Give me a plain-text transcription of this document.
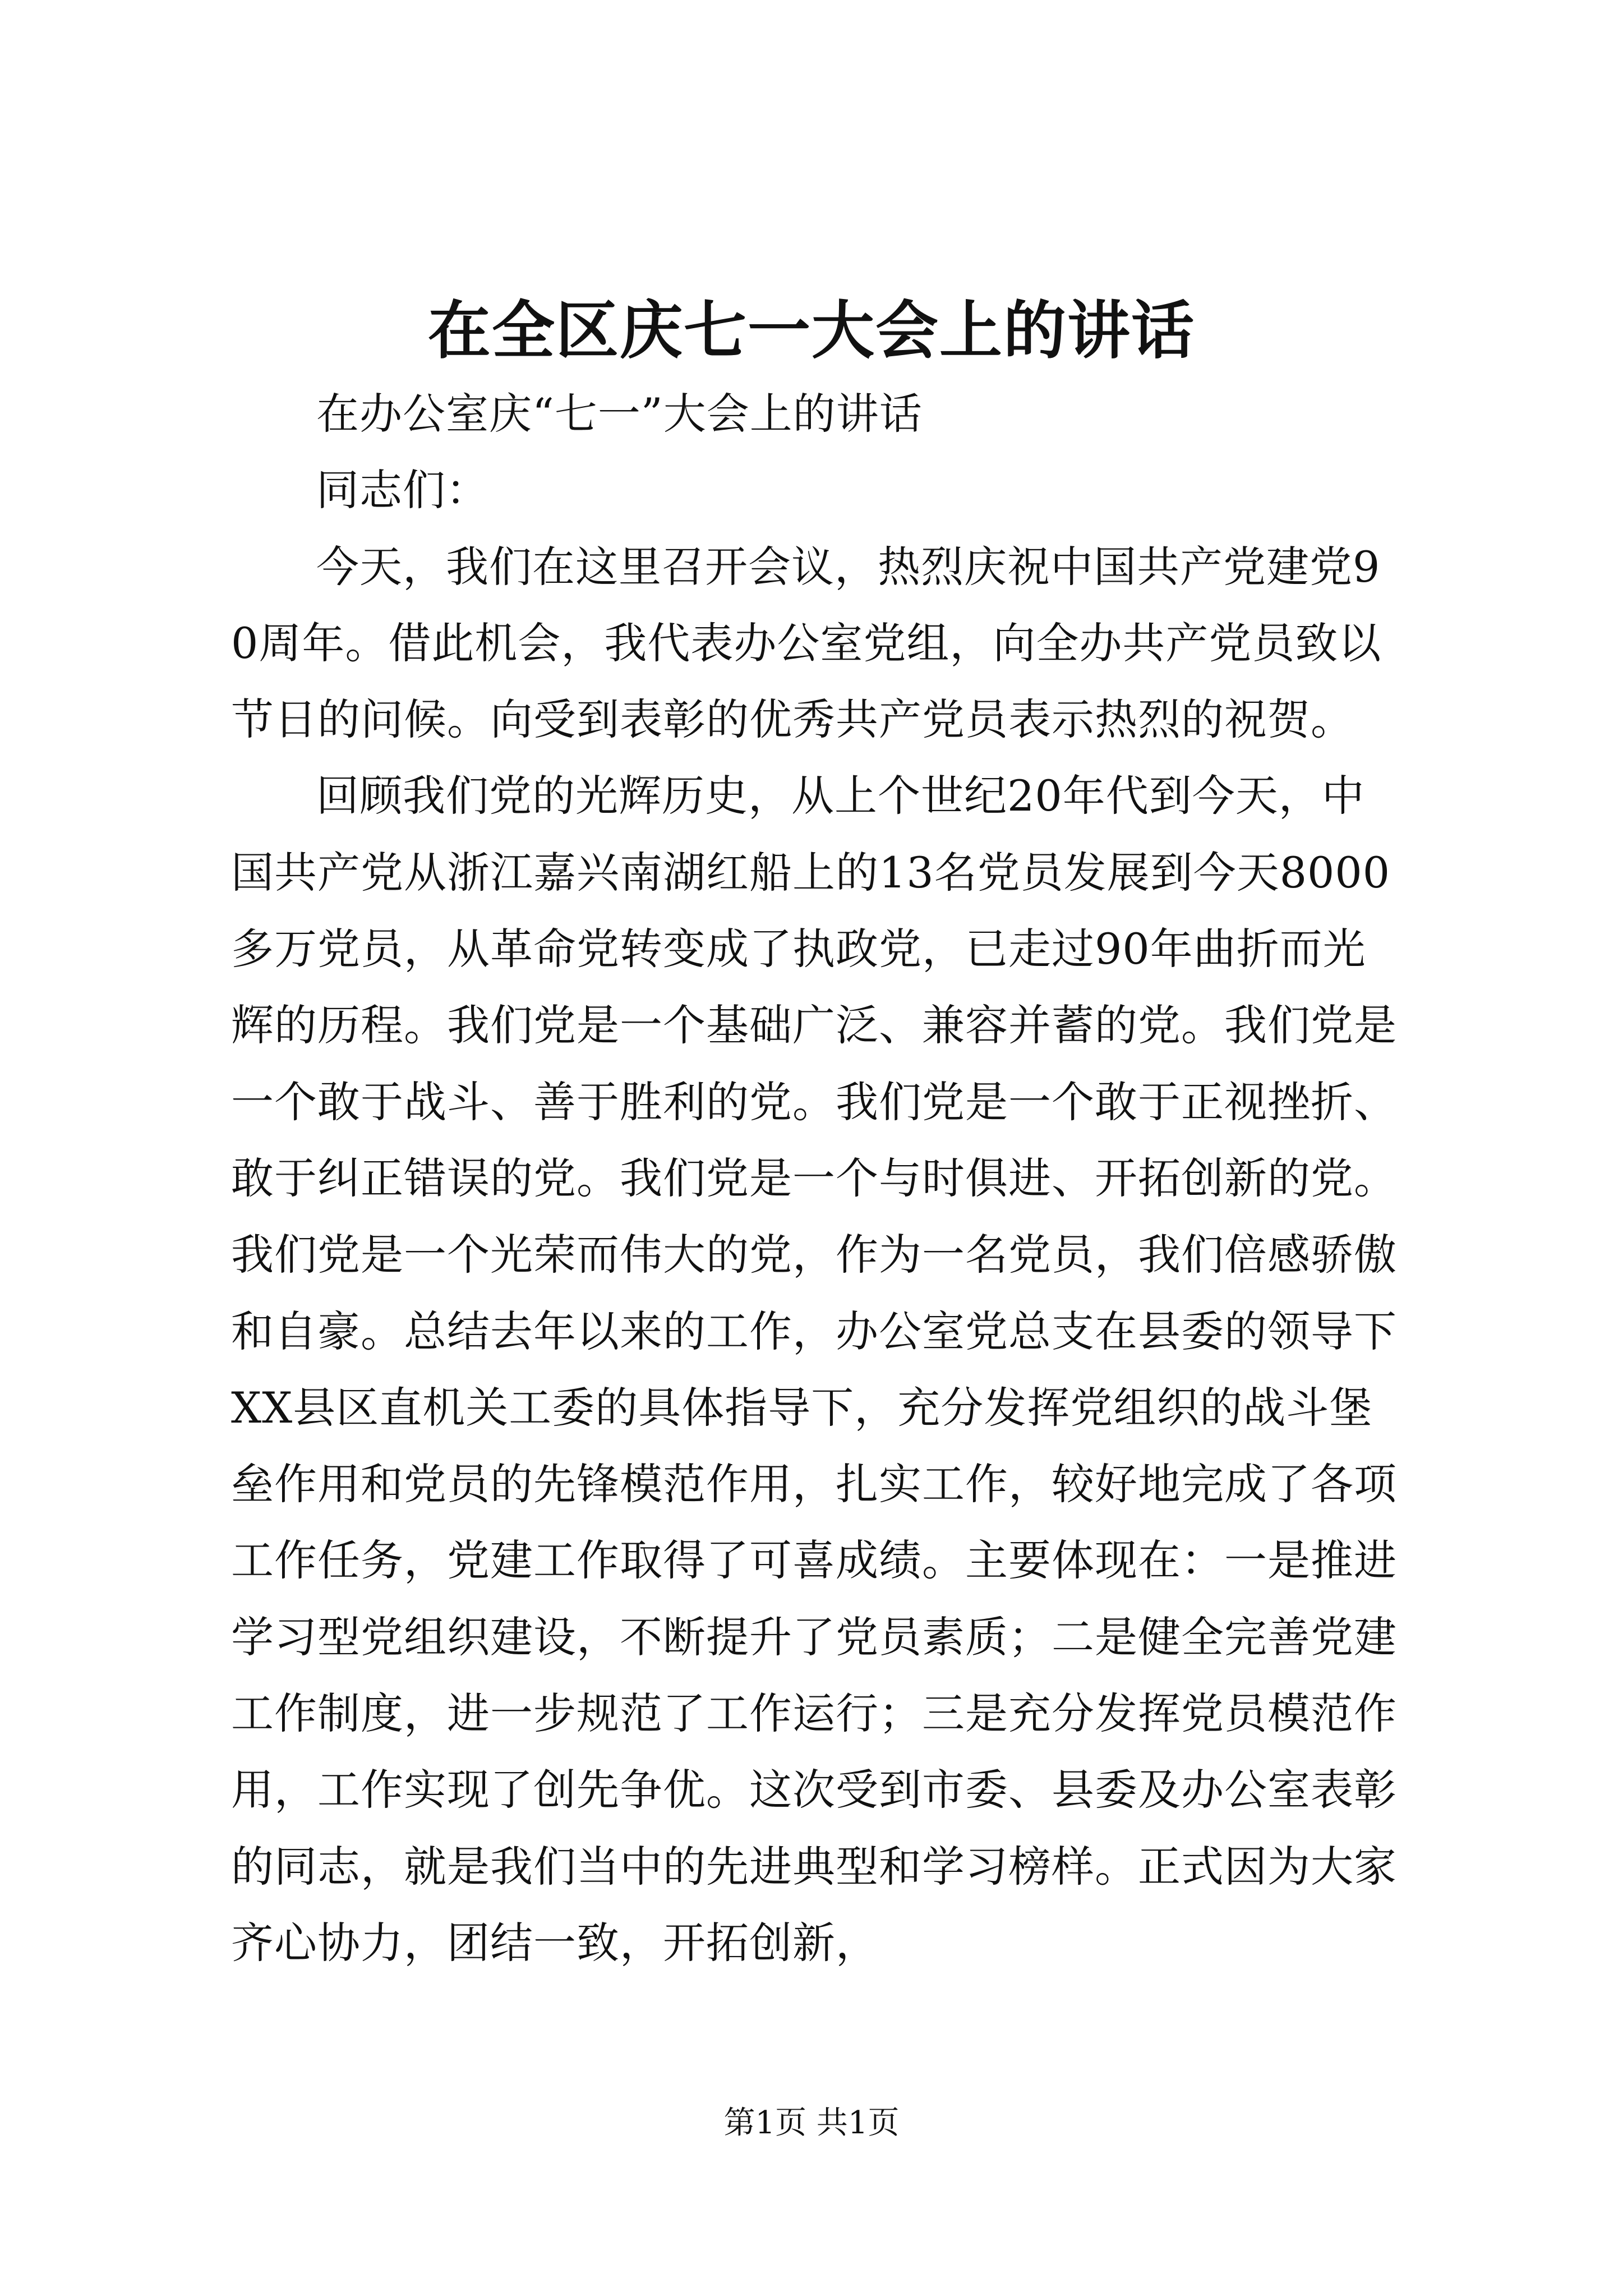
在全区庆七一大会上的讲话

在办公室庆“七一”大会上的讲话

同志们：

今天，我们在这里召开会议，热烈庆祝中国共产党建党90周年。借此机会，我代表办公室党组，向全办共产党员致以节日的问候。向受到表彰的优秀共产党员表示热烈的祝贺。

回顾我们党的光辉历史，从上个世纪20年代到今天，中国共产党从浙江嘉兴南湖红船上的13名党员发展到今天8000多万党员，从革命党转变成了执政党，已走过90年曲折而光辉的历程。我们党是一个基础广泛、兼容并蓄的党。我们党是一个敢于战斗、善于胜利的党。我们党是一个敢于正视挫折、敢于纠正错误的党。我们党是一个与时俱进、开拓创新的党。我们党是一个光荣而伟大的党，作为一名党员，我们倍感骄傲和自豪。总结去年以来的工作，办公室党总支在县委的领导下XX县区直机关工委的具体指导下，充分发挥党组织的战斗堡垒作用和党员的先锋模范作用，扎实工作，较好地完成了各项工作任务，党建工作取得了可喜成绩。主要体现在：一是推进学习型党组织建设，不断提升了党员素质；二是健全完善党建工作制度，进一步规范了工作运行；三是充分发挥党员模范作用，工作实现了创先争优。这次受到市委、县委及办公室表彰的同志，就是我们当中的先进典型和学习榜样。正式因为大家齐心协力，团结一致，开拓创新，

第1页 共1页
